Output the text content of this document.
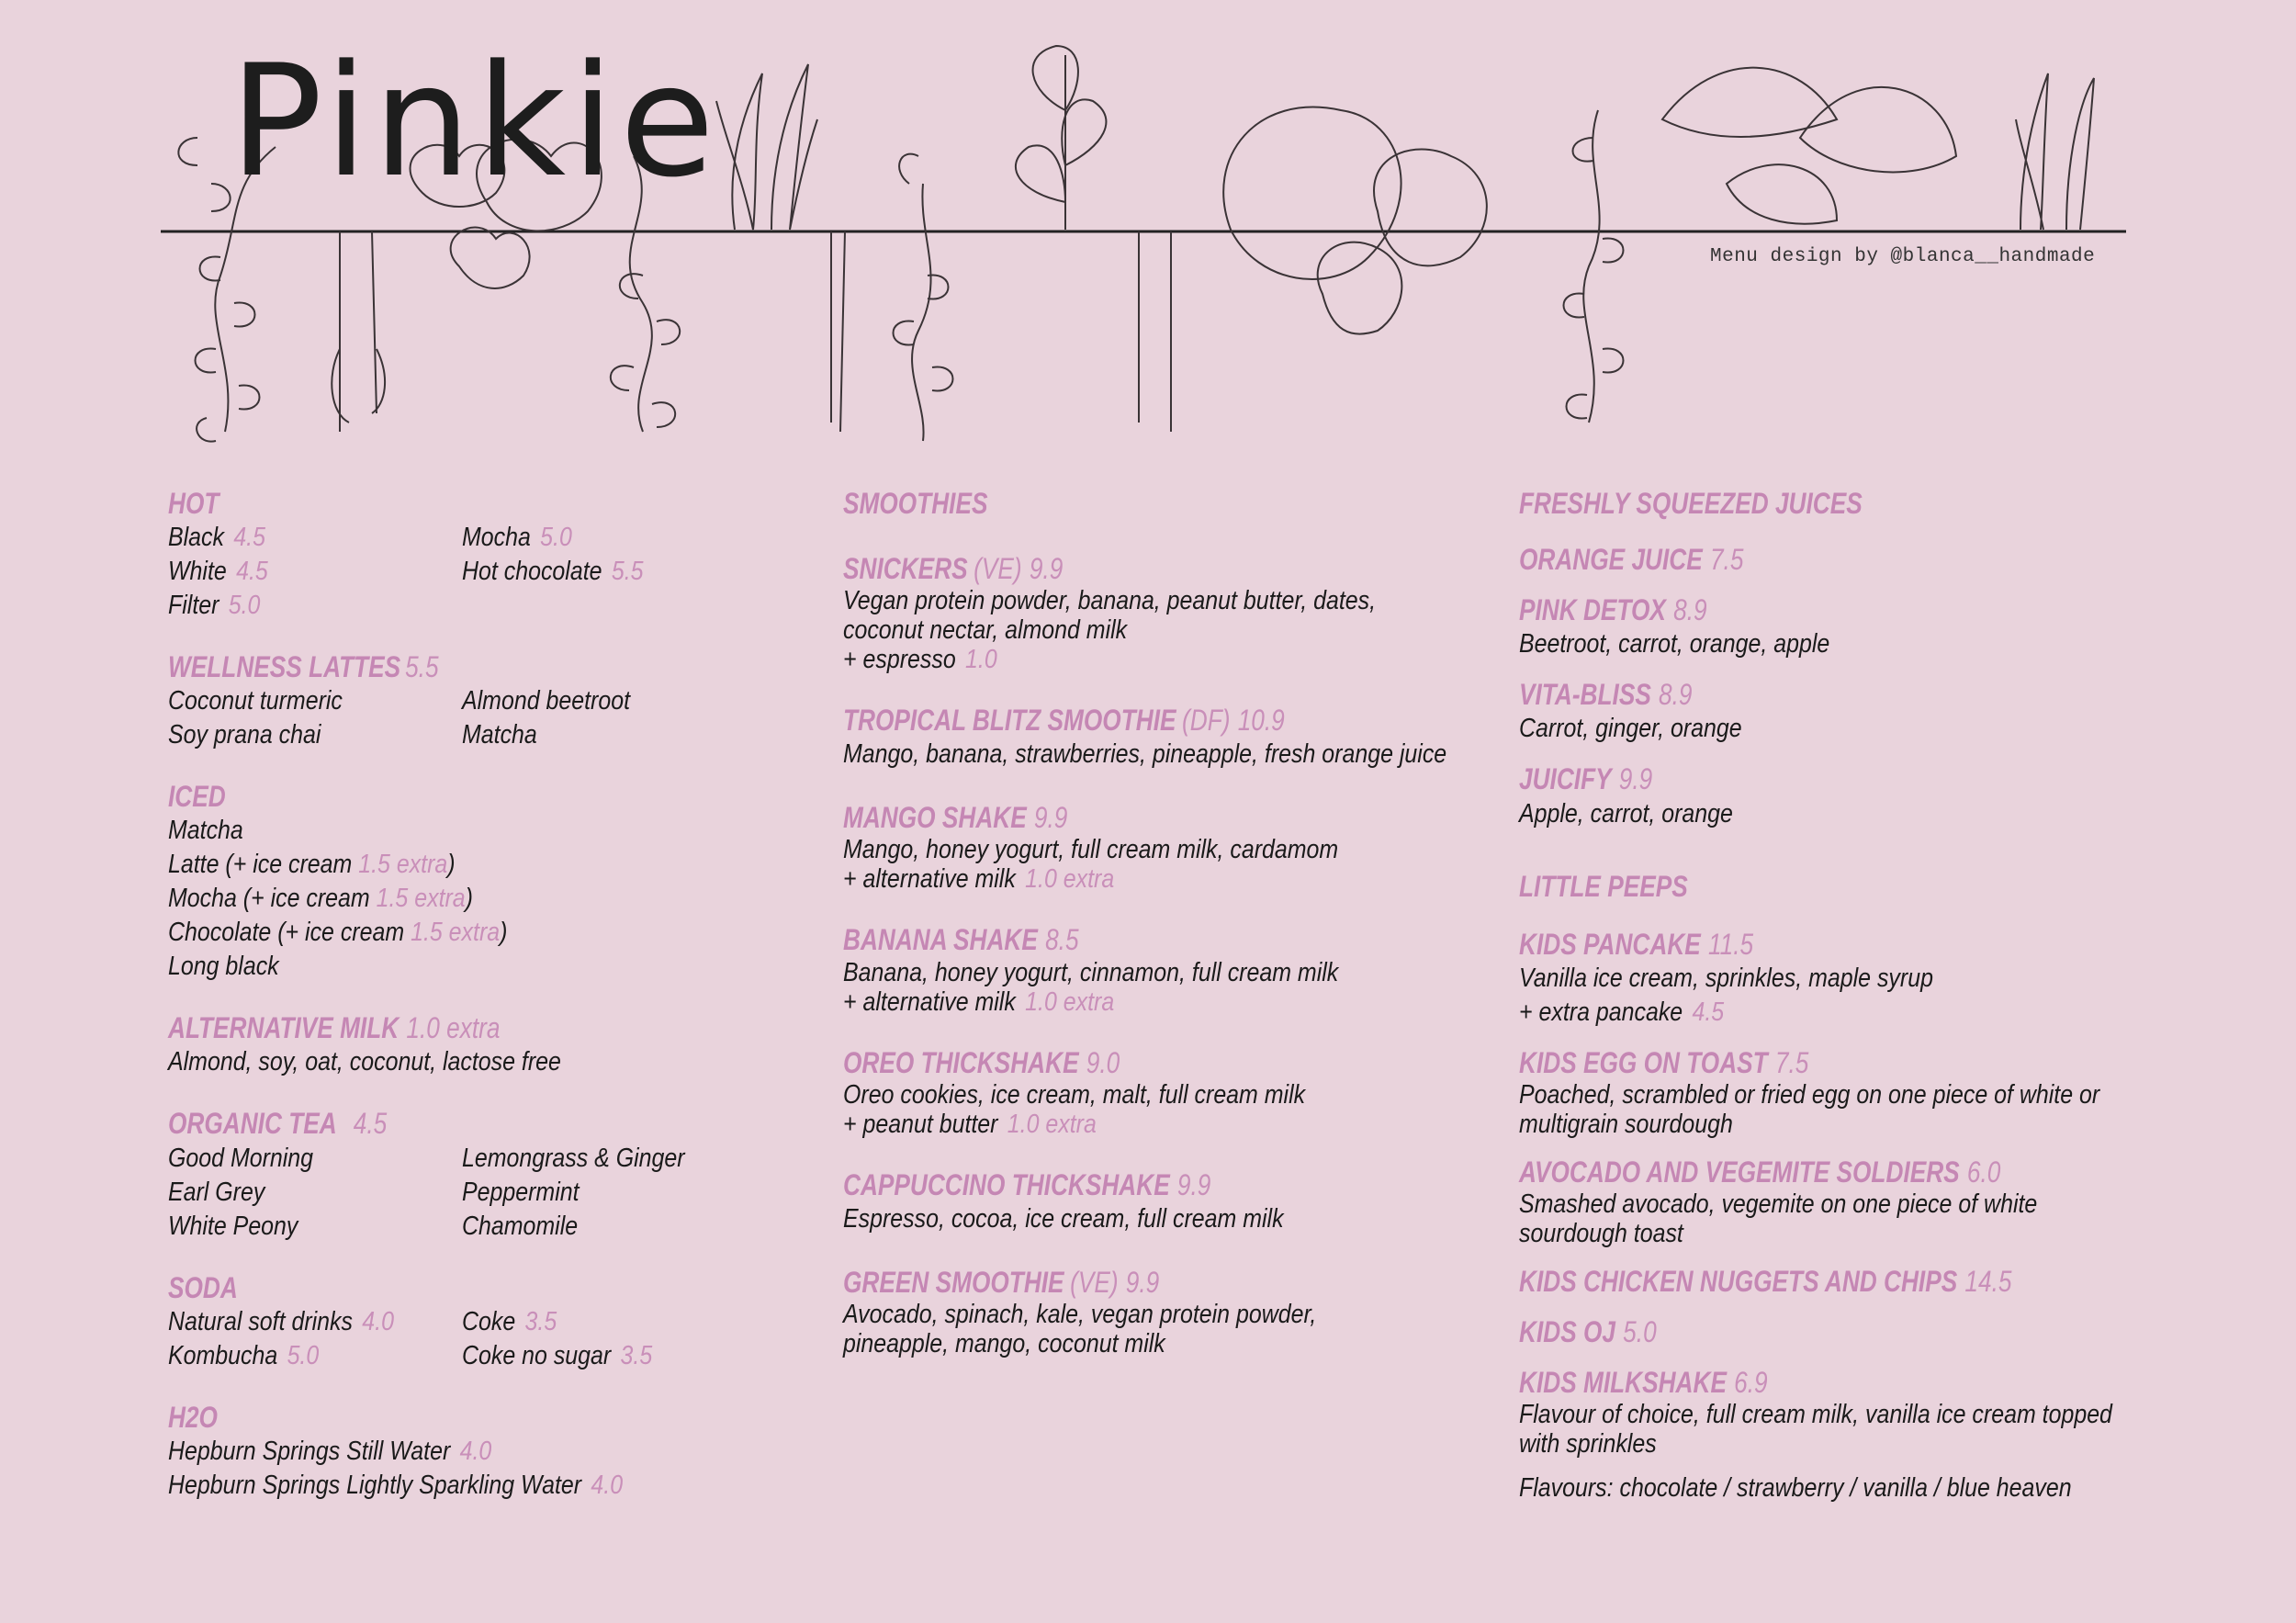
Pinkie
Menu design by @blanca__handmade
HOT
Black 4.5	Mocha 5.0
White 4.5	Hot chocolate 5.5
Filter 5.0
WELLNESS LATTES 5.5
Coconut turmeric	Almond beetroot
Soy prana chai	Matcha
ICED
Matcha
Latte (+ ice cream 1.5 extra)
Mocha (+ ice cream 1.5 extra)
Chocolate (+ ice cream 1.5 extra)
Long black
ALTERNATIVE MILK 1.0 extra
Almond, soy, oat, coconut, lactose free
ORGANIC TEA 4.5
Good Morning	Lemongrass & Ginger
Earl Grey	Peppermint
White Peony	Chamomile
SODA
Natural soft drinks 4.0	Coke 3.5
Kombucha 5.0	Coke no sugar 3.5
H2O
Hepburn Springs Still Water 4.0
Hepburn Springs Lightly Sparkling Water 4.0
SMOOTHIES
SNICKERS (VE) 9.9
Vegan protein powder, banana, peanut butter, dates,
coconut nectar, almond milk
+ espresso 1.0
TROPICAL BLITZ SMOOTHIE (DF) 10.9
Mango, banana, strawberries, pineapple, fresh orange juice
MANGO SHAKE 9.9
Mango, honey yogurt, full cream milk, cardamom
+ alternative milk 1.0 extra
BANANA SHAKE 8.5
Banana, honey yogurt, cinnamon, full cream milk
+ alternative milk 1.0 extra
OREO THICKSHAKE 9.0
Oreo cookies, ice cream, malt, full cream milk
+ peanut butter 1.0 extra
CAPPUCCINO THICKSHAKE 9.9
Espresso, cocoa, ice cream, full cream milk
GREEN SMOOTHIE (VE) 9.9
Avocado, spinach, kale, vegan protein powder,
pineapple, mango, coconut milk
FRESHLY SQUEEZED JUICES
ORANGE JUICE 7.5
PINK DETOX 8.9
Beetroot, carrot, orange, apple
VITA-BLISS 8.9
Carrot, ginger, orange
JUICIFY 9.9
Apple, carrot, orange
LITTLE PEEPS
KIDS PANCAKE 11.5
Vanilla ice cream, sprinkles, maple syrup
+ extra pancake 4.5
KIDS EGG ON TOAST 7.5
Poached, scrambled or fried egg on one piece of white or
multigrain sourdough
AVOCADO AND VEGEMITE SOLDIERS 6.0
Smashed avocado, vegemite on one piece of white
sourdough toast
KIDS CHICKEN NUGGETS AND CHIPS 14.5
KIDS OJ 5.0
KIDS MILKSHAKE 6.9
Flavour of choice, full cream milk, vanilla ice cream topped
with sprinkles
Flavours: chocolate / strawberry / vanilla / blue heaven
